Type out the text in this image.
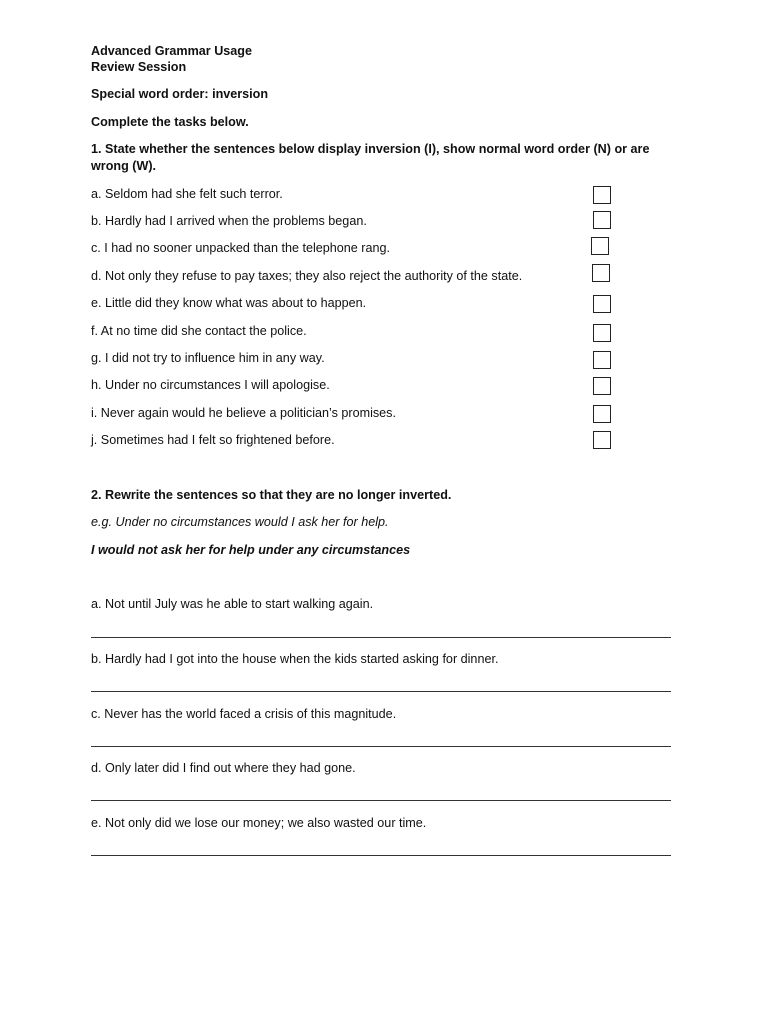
Advanced Grammar Usage
Review Session
Special word order: inversion
Complete the tasks below.
1. State whether the sentences below display inversion (I), show normal word order (N) or are wrong (W).
a. Seldom had she felt such terror.
b. Hardly had I arrived when the problems began.
c. I had no sooner unpacked than the telephone rang.
d. Not only they refuse to pay taxes; they also reject the authority of the state.
e. Little did they know what was about to happen.
f. At no time did she contact the police.
g. I did not try to influence him in any way.
h. Under no circumstances I will apologise.
i. Never again would he believe a politician’s promises.
j. Sometimes had I felt so frightened before.
2. Rewrite the sentences so that they are no longer inverted.
e.g. Under no circumstances would I ask her for help.
I would not ask her for help under any circumstances
a. Not until July was he able to start walking again.
b. Hardly had I got into the house when the kids started asking for dinner.
c. Never has the world faced a crisis of this magnitude.
d. Only later did I find out where they had gone.
e. Not only did we lose our money; we also wasted our time.
